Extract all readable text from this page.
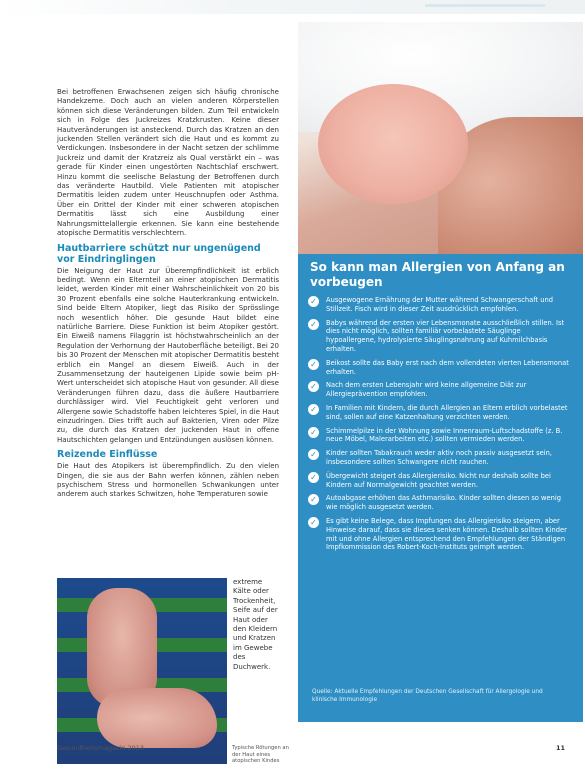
Bei betroffenen Erwachsenen zeigen sich häufig chronische Handekzeme. Doch auch an vielen anderen Körperstellen können sich diese Veränderungen bilden. Zum Teil entwickeln sich in Folge des Juckreizes Kratzkrusten. Keine dieser Hautveränderungen ist ansteckend. Durch das Kratzen an den juckenden Stellen verändert sich die Haut und es kommt zu Verdickungen. Insbesondere in der Nacht setzen der schlimme Juckreiz und damit der Kratzreiz als Qual verstärkt ein – was gerade für Kinder einen ungestörten Nachtschlaf erschwert. Hinzu kommt die seelische Belastung der Betroffenen durch das veränderte Hautbild. Viele Patienten mit atopischer Dermatitis leiden zudem unter Heuschnupfen oder Asthma. Über ein Drittel der Kinder mit einer schweren atopischen Dermatitis lässt sich eine Ausbildung einer Nahrungsmittelallergie erkennen. Sie kann eine bestehende atopische Dermatitis verschlechtern.

Hautbarriere schützt nur ungenügend vor Eindringlingen

Die Neigung der Haut zur Überempfindlichkeit ist erblich bedingt. Wenn ein Elternteil an einer atopischen Dermatitis leidet, werden Kinder mit einer Wahrscheinlichkeit von 20 bis 30 Prozent ebenfalls eine solche Hauterkrankung entwickeln. Sind beide Eltern Atopiker, liegt das Risiko der Sprösslinge noch wesentlich höher. Die gesunde Haut bildet eine natürliche Barriere. Diese Funktion ist beim Atopiker gestört. Ein Eiweiß namens Filaggrin ist höchstwahrscheinlich an der Regulation der Verhornung der Hautoberfläche beteiligt. Bei 20 bis 30 Prozent der Menschen mit atopischer Dermatitis besteht erblich ein Mangel an diesem Eiweiß. Auch in der Zusammensetzung der hauteigenen Lipide sowie beim pH-Wert unterscheidet sich atopische Haut von gesunder. All diese Veränderungen führen dazu, dass die äußere Hautbarriere durchlässiger wird. Viel Feuchtigkeit geht verloren und Allergene sowie Schadstoffe haben leichteres Spiel, in die Haut einzudringen. Dies trifft auch auf Bakterien, Viren oder Pilze zu, die durch das Kratzen der juckenden Haut in offene Hautschichten gelangen und Entzündungen auslösen können.

Reizende Einflüsse

Die Haut des Atopikers ist überempfindlich. Zu den vielen Dingen, die sie aus der Bahn werfen können, zählen neben psychischem Stress und hormonellen Schwankungen unter anderem auch starkes Schwitzen, hohe Temperaturen sowie

So kann man Allergien von Anfang an vorbeugen
✓	Ausgewogene Ernährung der Mutter während Schwangerschaft und Stillzeit. Fisch wird in dieser Zeit ausdrücklich empfohlen.
✓	Babys während der ersten vier Lebensmonate ausschließlich stillen. Ist dies nicht möglich, sollten familiär vorbelastete Säuglinge hypoallergene, hydrolysierte Säuglingsnahrung auf Kuhmilchbasis erhalten.
✓	Beikost sollte das Baby erst nach dem vollendeten vierten Lebensmonat erhalten.
✓	Nach dem ersten Lebensjahr wird keine allgemeine Diät zur Allergieprävention empfohlen.
✓	In Familien mit Kindern, die durch Allergien an Eltern erblich vorbelastet sind, sollen auf eine Katzenhaltung verzichten werden.
✓	Schimmelpilze in der Wohnung sowie Innenraum-Luftschadstoffe (z. B. neue Möbel, Malerarbeiten etc.) sollten vermieden werden.
✓	Kinder sollten Tabakrauch weder aktiv noch passiv ausgesetzt sein, insbesondere sollten Schwangere nicht rauchen.
✓	Übergewicht steigert das Allergierisiko. Nicht nur deshalb sollte bei Kindern auf Normalgewicht geachtet werden.
✓	Autoabgase erhöhen das Asthmarisiko. Kinder sollten diesen so wenig wie möglich ausgesetzt werden.
✓	Es gibt keine Belege, dass Impfungen das Allergierisiko steigern, aber Hinweise darauf, dass sie dieses senken können. Deshalb sollten Kinder mit und ohne Allergien entsprechend den Empfehlungen der Ständigen Impfkommission des Robert-Koch-Instituts geimpft werden.
Quelle: Aktuelle Empfehlungen der Deutschen Gesellschaft für Allergologie und klinische Immunologie

extreme Kälte oder Trockenheit, Seife auf der Haut oder den Kleidern und Kratzen im Gewebe des Duchwerk.

Typische Rötungen an der Haut eines atopischen Kindes
Gesundheitsmagazin 2013	11
